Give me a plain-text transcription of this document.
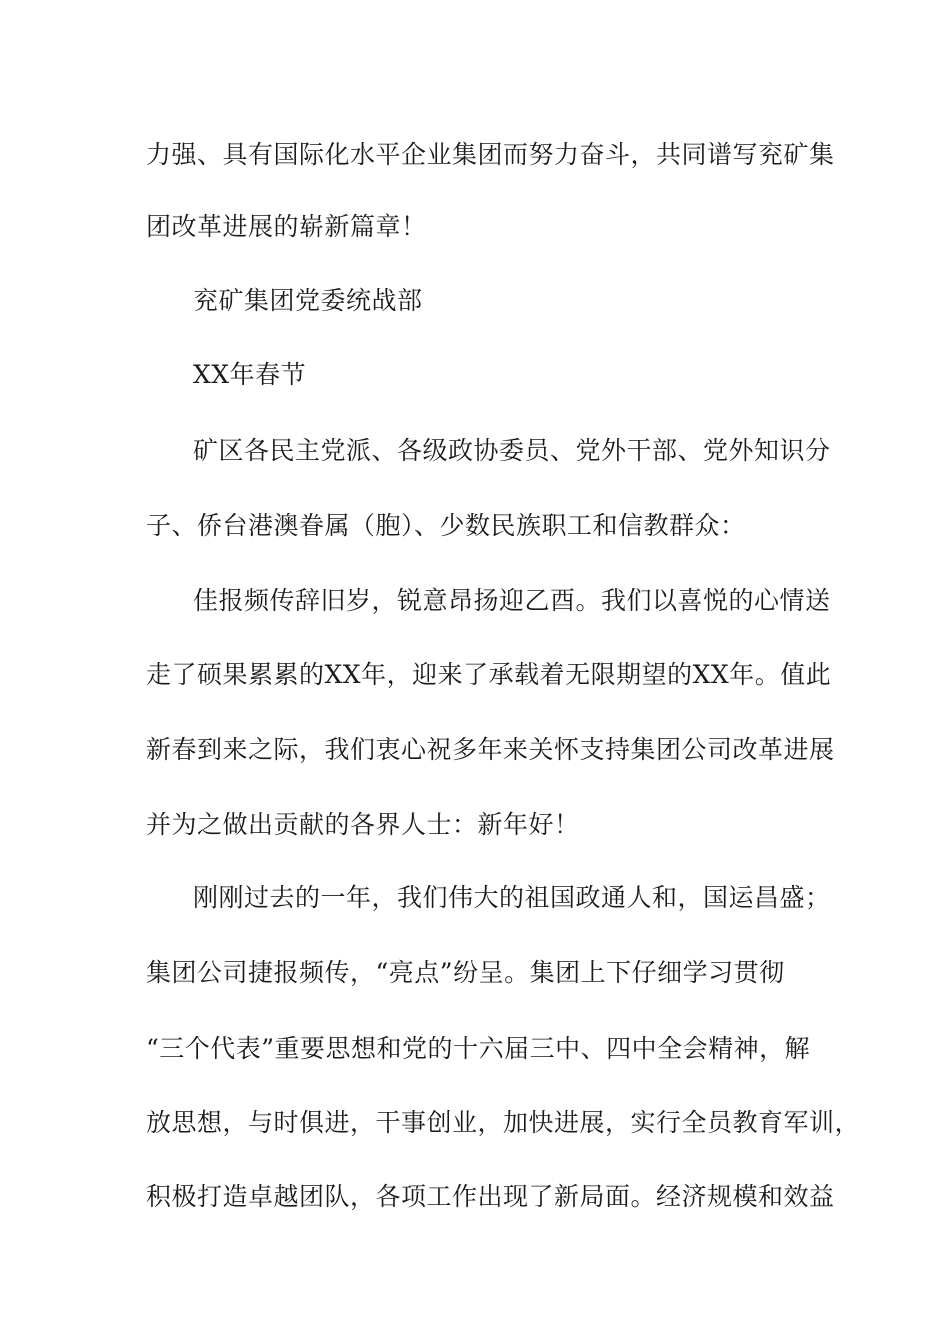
力强、具有国际化水平企业集团而努力奋斗，共同谱写兖矿集
团改革进展的崭新篇章！
兖矿集团党委统战部
XX年春节
矿区各民主党派、各级政协委员、党外干部、党外知识分
子、侨台港澳眷属（胞）、少数民族职工和信教群众：
佳报频传辞旧岁，锐意昂扬迎乙酉。我们以喜悦的心情送
走了硕果累累的XX年，迎来了承载着无限期望的XX年。值此
新春到来之际，我们衷心祝多年来关怀支持集团公司改革进展
并为之做出贡献的各界人士：新年好！
刚刚过去的一年，我们伟大的祖国政通人和，国运昌盛；
集团公司捷报频传，“亮点”纷呈。集团上下仔细学习贯彻
“三个代表”重要思想和党的十六届三中、四中全会精神，解
放思想，与时俱进，干事创业，加快进展，实行全员教育军训，
积极打造卓越团队，各项工作出现了新局面。经济规模和效益
